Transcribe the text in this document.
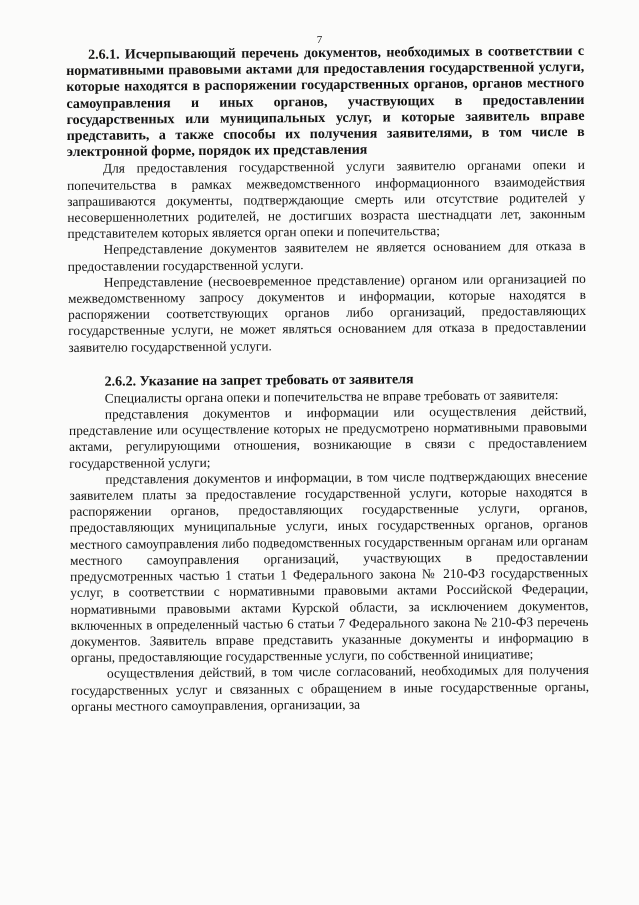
7
2.6.1. Исчерпывающий перечень документов, необходимых в соответствии с нормативными правовыми актами для предоставления государственной услуги, которые находятся в распоряжении государственных органов, органов местного самоуправления и иных органов, участвующих в предоставлении государственных или муниципальных услуг, и которые заявитель вправе представить, а также способы их получения заявителями, в том числе в электронной форме, порядок их представления

Для предоставления государственной услуги заявителю органами опеки и попечительства в рамках межведомственного информационного взаимодействия запрашиваются документы, подтверждающие смерть или отсутствие родителей у несовершеннолетних родителей, не достигших возраста шестнадцати лет, законным представителем которых является орган опеки и попечительства;

Непредставление документов заявителем не является основанием для отказа в предоставлении государственной услуги.

Непредставление (несвоевременное представление) органом или организацией по межведомственному запросу документов и информации, которые находятся в распоряжении соответствующих органов либо организаций, предоставляющих государственные услуги, не может являться основанием для отказа в предоставлении заявителю государственной услуги.

2.6.2. Указание на запрет требовать от заявителя

Специалисты органа опеки и попечительства не вправе требовать от заявителя:

представления документов и информации или осуществления действий, представление или осуществление которых не предусмотрено нормативными правовыми актами, регулирующими отношения, возникающие в связи с предоставлением государственной услуги;

представления документов и информации, в том числе подтверждающих внесение заявителем платы за предоставление государственной услуги, которые находятся в распоряжении органов, предоставляющих государственные услуги, органов, предоставляющих муниципальные услуги, иных государственных органов, органов местного самоуправления либо подведомственных государственным органам или органам местного самоуправления организаций, участвующих в предоставлении предусмотренных частью 1 статьи 1 Федерального закона № 210-ФЗ государственных услуг, в соответствии с нормативными правовыми актами Российской Федерации, нормативными правовыми актами Курской области, за исключением документов, включенных в определенный частью 6 статьи 7 Федерального закона № 210-ФЗ перечень документов. Заявитель вправе представить указанные документы и информацию в органы, предоставляющие государственные услуги, по собственной инициативе;

осуществления действий, в том числе согласований, необходимых для получения государственных услуг и связанных с обращением в иные государственные органы, органы местного самоуправления, организации, за
